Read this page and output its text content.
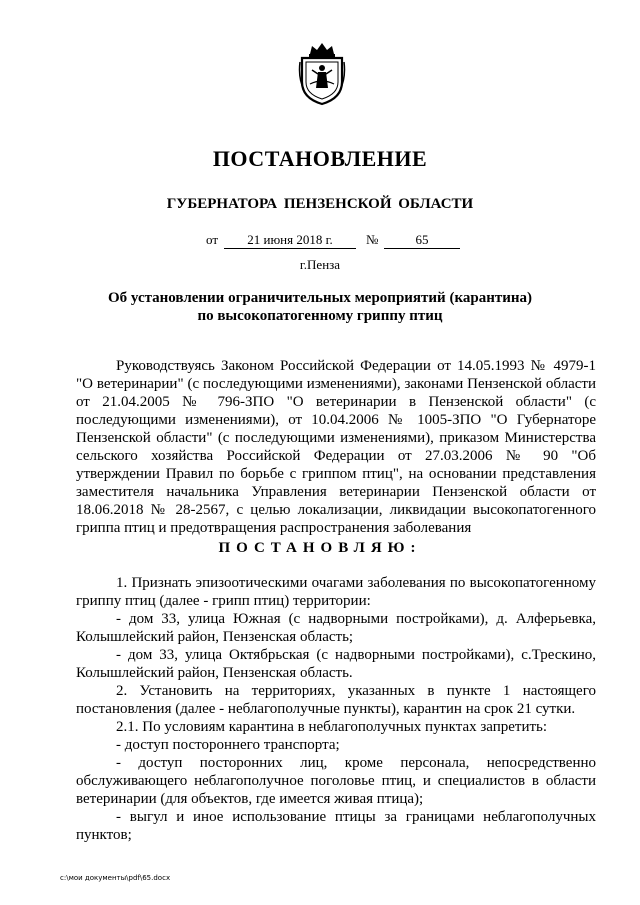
ПОСТАНОВЛЕНИЕ
ГУБЕРНАТОРА ПЕНЗЕНСКОЙ ОБЛАСТИ
от	21 июня 2018 г.	№	65
г.Пенза
Об установлении ограничительных мероприятий (карантина)
по высокопатогенному гриппу птиц

Руководствуясь Законом Российской Федерации от 14.05.1993 № 4979-1 "О ветеринарии" (с последующими изменениями), законами Пензенской области от 21.04.2005 № 796-ЗПО "О ветеринарии в Пензенской области" (с последующими изменениями), от 10.04.2006 № 1005-ЗПО "О Губернаторе Пензенской области" (с последующими изменениями), приказом Министерства сельского хозяйства Российской Федерации от 27.03.2006 № 90 "Об утверждении Правил по борьбе с гриппом птиц", на основании представления заместителя начальника Управления ветеринарии Пензенской области от 18.06.2018 № 28-2567, с целью локализации, ликвидации высокопатогенного гриппа птиц и предотвращения распространения заболевания

ПОСТАНОВЛЯЮ:

1. Признать эпизоотическими очагами заболевания по высокопатогенному гриппу птиц (далее - грипп птиц) территории:

- дом 33, улица Южная (с надворными постройками), д. Алферьевка, Колышлейский район, Пензенская область;

- дом 33, улица Октябрьская (с надворными постройками), с.Трескино, Колышлейский район, Пензенская область.

2. Установить на территориях, указанных в пункте 1 настоящего постановления (далее - неблагополучные пункты), карантин на срок 21 сутки.

2.1. По условиям карантина в неблагополучных пунктах запретить:

- доступ постороннего транспорта;

- доступ посторонних лиц, кроме персонала, непосредственно обслуживающего неблагополучное поголовье птиц, и специалистов в области ветеринарии (для объектов, где имеется живая птица);

- выгул и иное использование птицы за границами неблагополучных пунктов;

c:\мои документы\pdf\65.docx
